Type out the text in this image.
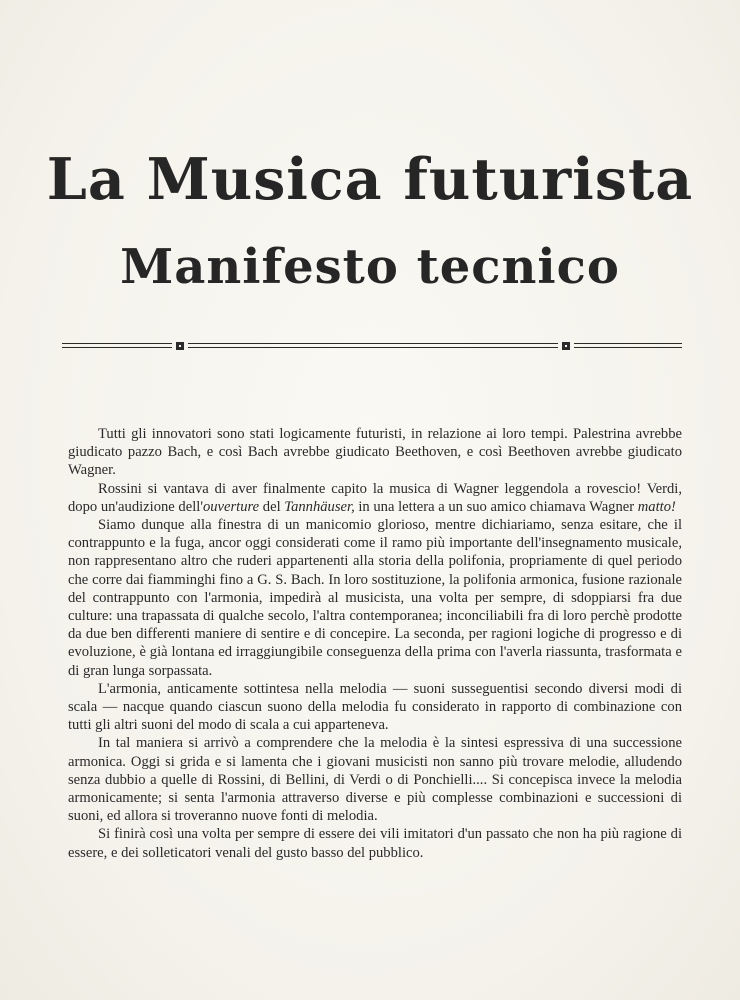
La Musica futurista
Manifesto tecnico

Tutti gli innovatori sono stati logicamente futuristi, in relazione ai loro tempi. Palestrina avrebbe giudicato pazzo Bach, e così Bach avrebbe giudicato Beethoven, e così Beethoven avrebbe giudicato Wagner.

Rossini si vantava di aver finalmente capito la musica di Wagner leggendola a rovescio! Verdi, dopo un'audizione dell'ouverture del Tannhäuser, in una lettera a un suo amico chiamava Wagner matto!

Siamo dunque alla finestra di un manicomio glorioso, mentre dichiariamo, senza esitare, che il contrappunto e la fuga, ancor oggi considerati come il ramo più importante dell'insegnamento musicale, non rappresentano altro che ruderi appartenenti alla storia della polifonia, propriamente di quel periodo che corre dai fiamminghi fino a G. S. Bach. In loro sostituzione, la polifonia armonica, fusione razionale del contrappunto con l'armonia, impedirà al musicista, una volta per sempre, di sdoppiarsi fra due culture: una trapassata di qualche secolo, l'altra contemporanea; inconciliabili fra di loro perchè prodotte da due ben differenti maniere di sentire e di concepire. La seconda, per ragioni logiche di progresso e di evoluzione, è già lontana ed irraggiungibile conseguenza della prima con l'averla riassunta, trasformata e di gran lunga sorpassata.

L'armonia, anticamente sottintesa nella melodia — suoni susseguentisi secondo diversi modi di scala — nacque quando ciascun suono della melodia fu considerato in rapporto di combinazione con tutti gli altri suoni del modo di scala a cui apparteneva.

In tal maniera si arrivò a comprendere che la melodia è la sintesi espressiva di una successione armonica. Oggi si grida e si lamenta che i giovani musicisti non sanno più trovare melodie, alludendo senza dubbio a quelle di Rossini, di Bellini, di Verdi o di Ponchielli.... Si concepisca invece la melodia armonicamente; si senta l'armonia attraverso diverse e più complesse combinazioni e successioni di suoni, ed allora si troveranno nuove fonti di melodia.

Si finirà così una volta per sempre di essere dei vili imitatori d'un passato che non ha più ragione di essere, e dei solleticatori venali del gusto basso del pubblico.
